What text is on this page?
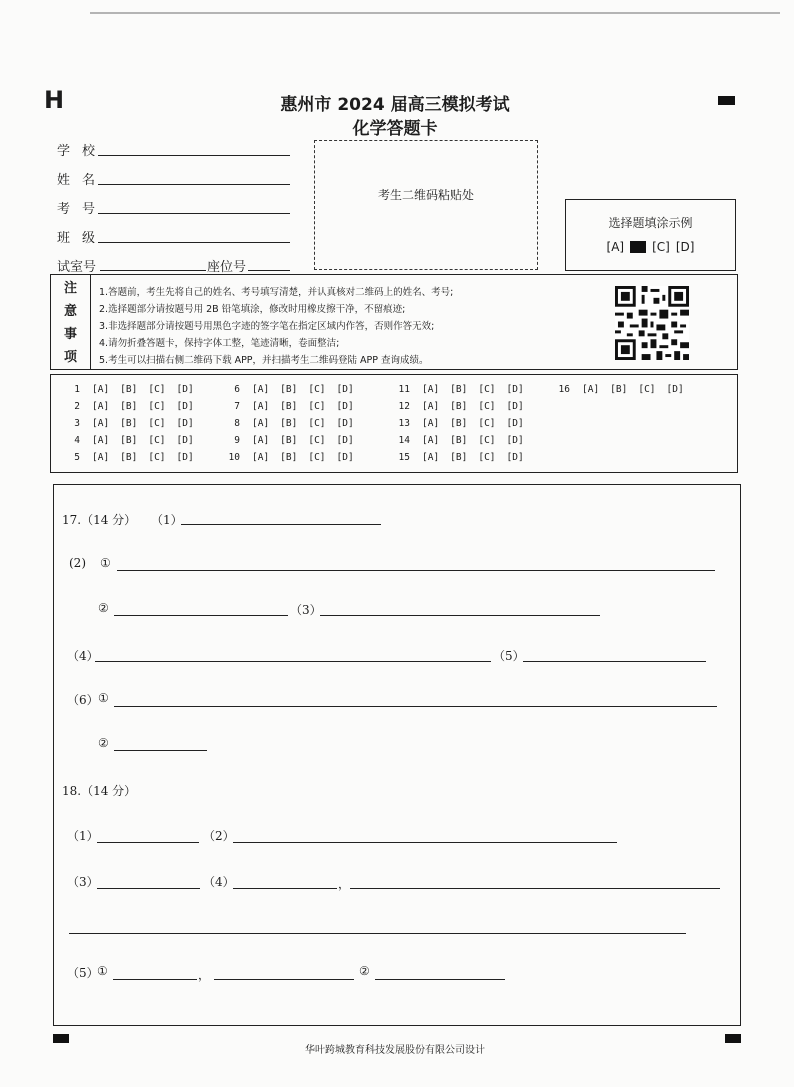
H	惠州市 2024 届高三模拟考试
化学答题卡
学校
姓名
考号
班级
试室号	座位号
考生二维码粘贴处
选择题填涂示例
[A] [C] [D]
注
意
事
项
1.答题前，考生先将自己的姓名、考号填写清楚，并认真核对二维码上的姓名、考号;
2.选择题部分请按题号用 2B 铅笔填涂，修改时用橡皮擦干净，不留痕迹;
3.非选择题部分请按题号用黑色字迹的签字笔在指定区域内作答，否则作答无效;
4.请勿折叠答题卡，保持字体工整，笔迹清晰，卷面整洁;
5.考生可以扫描右侧二维码下载 APP，并扫描考生二维码登陆 APP 查询成绩。
1 [A] [B] [C] [D]
2 [A] [B] [C] [D]
3 [A] [B] [C] [D]
4 [A] [B] [C] [D]
5 [A] [B] [C] [D]
6 [A] [B] [C] [D]
7 [A] [B] [C] [D]
8 [A] [B] [C] [D]
9 [A] [B] [C] [D]
10 [A] [B] [C] [D]
11 [A] [B] [C] [D]
12 [A] [B] [C] [D]
13 [A] [B] [C] [D]
14 [A] [B] [C] [D]
15 [A] [B] [C] [D]
16 [A] [B] [C] [D]
17.（14 分） （1）
(2) ①
②	（3）
（4）	（5）
（6） ①
②
18.（14 分）
（1）	（2）
（3）	（4）	，
（5）
①	，	②
华叶跨城教育科技发展股份有限公司设计
